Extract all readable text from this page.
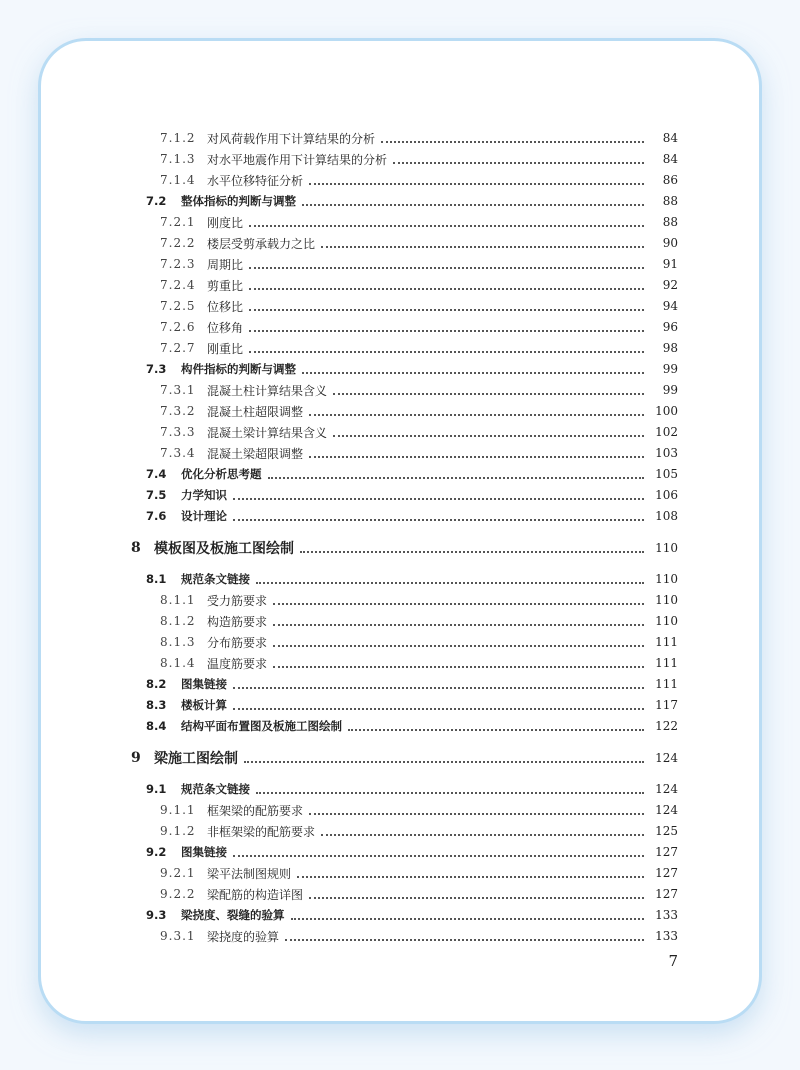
7.1.2 对风荷载作用下计算结果的分析	84
7.1.3 对水平地震作用下计算结果的分析	84
7.1.4 水平位移特征分析	86
7.2	整体指标的判断与调整	88
7.2.1 刚度比	88
7.2.2 楼层受剪承载力之比	90
7.2.3 周期比	91
7.2.4 剪重比	92
7.2.5 位移比	94
7.2.6 位移角	96
7.2.7 刚重比	98
7.3	构件指标的判断与调整	99
7.3.1 混凝土柱计算结果含义	99
7.3.2 混凝土柱超限调整	100
7.3.3 混凝土梁计算结果含义	102
7.3.4 混凝土梁超限调整	103
7.4	优化分析思考题	105
7.5	力学知识	106
7.6	设计理论	108
8 模板图及板施工图绘制	110
8.1	规范条文链接	110
8.1.1 受力筋要求	110
8.1.2 构造筋要求	110
8.1.3 分布筋要求	111
8.1.4 温度筋要求	111
8.2	图集链接	111
8.3	楼板计算	117
8.4	结构平面布置图及板施工图绘制	122
9 梁施工图绘制	124
9.1	规范条文链接	124
9.1.1 框架梁的配筋要求	124
9.1.2 非框架梁的配筋要求	125
9.2	图集链接	127
9.2.1 梁平法制图规则	127
9.2.2 梁配筋的构造详图	127
9.3	梁挠度、裂缝的验算	133
9.3.1 梁挠度的验算	133
7
